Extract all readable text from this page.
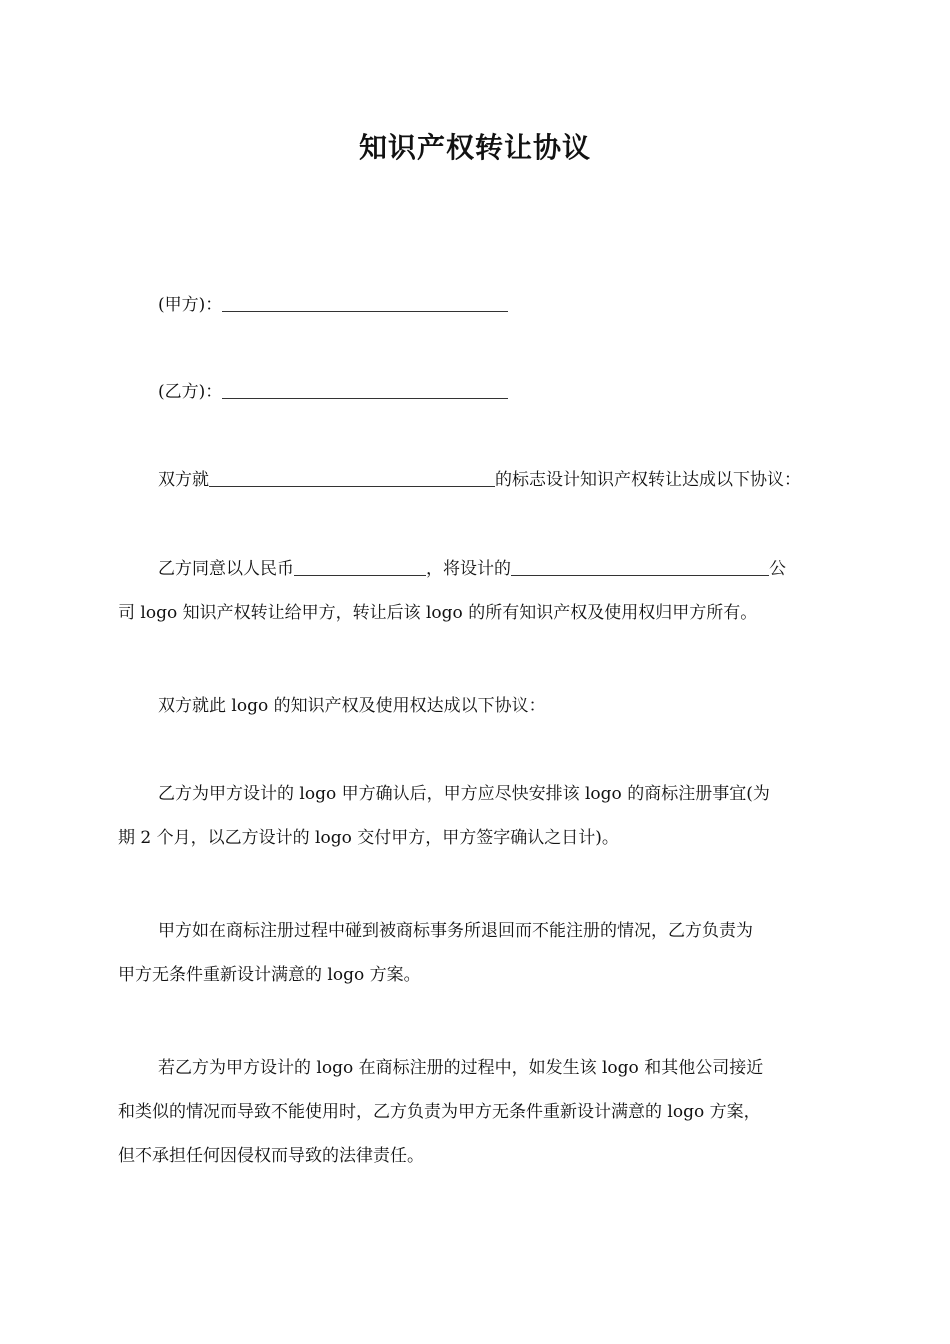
知识产权转让协议
(甲方)：
(乙方)：
双方就	的标志设计知识产权转让达成以下协议：
乙方同意以人民币	，将设计的	公
司 logo 知识产权转让给甲方，转让后该 logo 的所有知识产权及使用权归甲方所有。
双方就此 logo 的知识产权及使用权达成以下协议：
乙方为甲方设计的 logo 甲方确认后，甲方应尽快安排该 logo 的商标注册事宜(为
期 2 个月，以乙方设计的 logo 交付甲方，甲方签字确认之日计)。
甲方如在商标注册过程中碰到被商标事务所退回而不能注册的情况，乙方负责为
甲方无条件重新设计满意的 logo 方案。
若乙方为甲方设计的 logo 在商标注册的过程中，如发生该 logo 和其他公司接近
和类似的情况而导致不能使用时，乙方负责为甲方无条件重新设计满意的 logo 方案，
但不承担任何因侵权而导致的法律责任。
